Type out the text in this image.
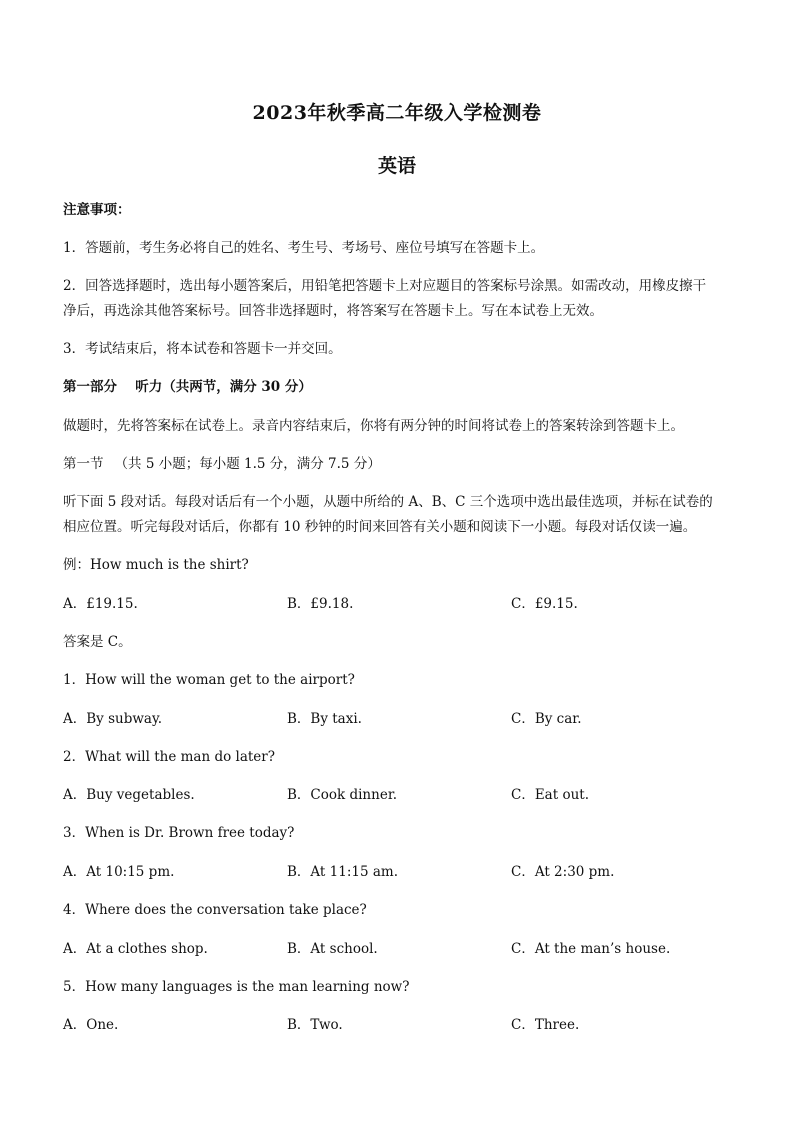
2023年秋季高二年级入学检测卷
英语
注意事项：
1．答题前，考生务必将自己的姓名、考生号、考场号、座位号填写在答题卡上。
2．回答选择题时，选出每小题答案后，用铅笔把答题卡上对应题目的答案标号涂黑。如需改动，用橡皮擦干
净后，再选涂其他答案标号。回答非选择题时，将答案写在答题卡上。写在本试卷上无效。
3．考试结束后，将本试卷和答题卡一并交回。
第一部分　 听力（共两节，满分 30 分）
做题时，先将答案标在试卷上。录音内容结束后，你将有两分钟的时间将试卷上的答案转涂到答题卡上。
第一节 　（共 5 小题；每小题 1.5 分，满分 7.5 分）
听下面 5 段对话。每段对话后有一个小题，从题中所给的 A、B、C 三个选项中选出最佳选项，并标在试卷的
相应位置。听完每段对话后，你都有 10 秒钟的时间来回答有关小题和阅读下一小题。每段对话仅读一遍。
例：How much is the shirt?
A．£19.15.	B．£9.18.	C．£9.15.
答案是 C。
1．How will the woman get to the airport?
A．By subway.	B．By taxi.	C．By car.
2．What will the man do later?
A．Buy vegetables.	B．Cook dinner.	C．Eat out.
3．When is Dr. Brown free today?
A．At 10:15 pm.	B．At 11:15 am.	C．At 2:30 pm.
4．Where does the conversation take place?
A．At a clothes shop.	B．At school.	C．At the man’s house.
5．How many languages is the man learning now?
A．One.	B．Two.	C．Three.
